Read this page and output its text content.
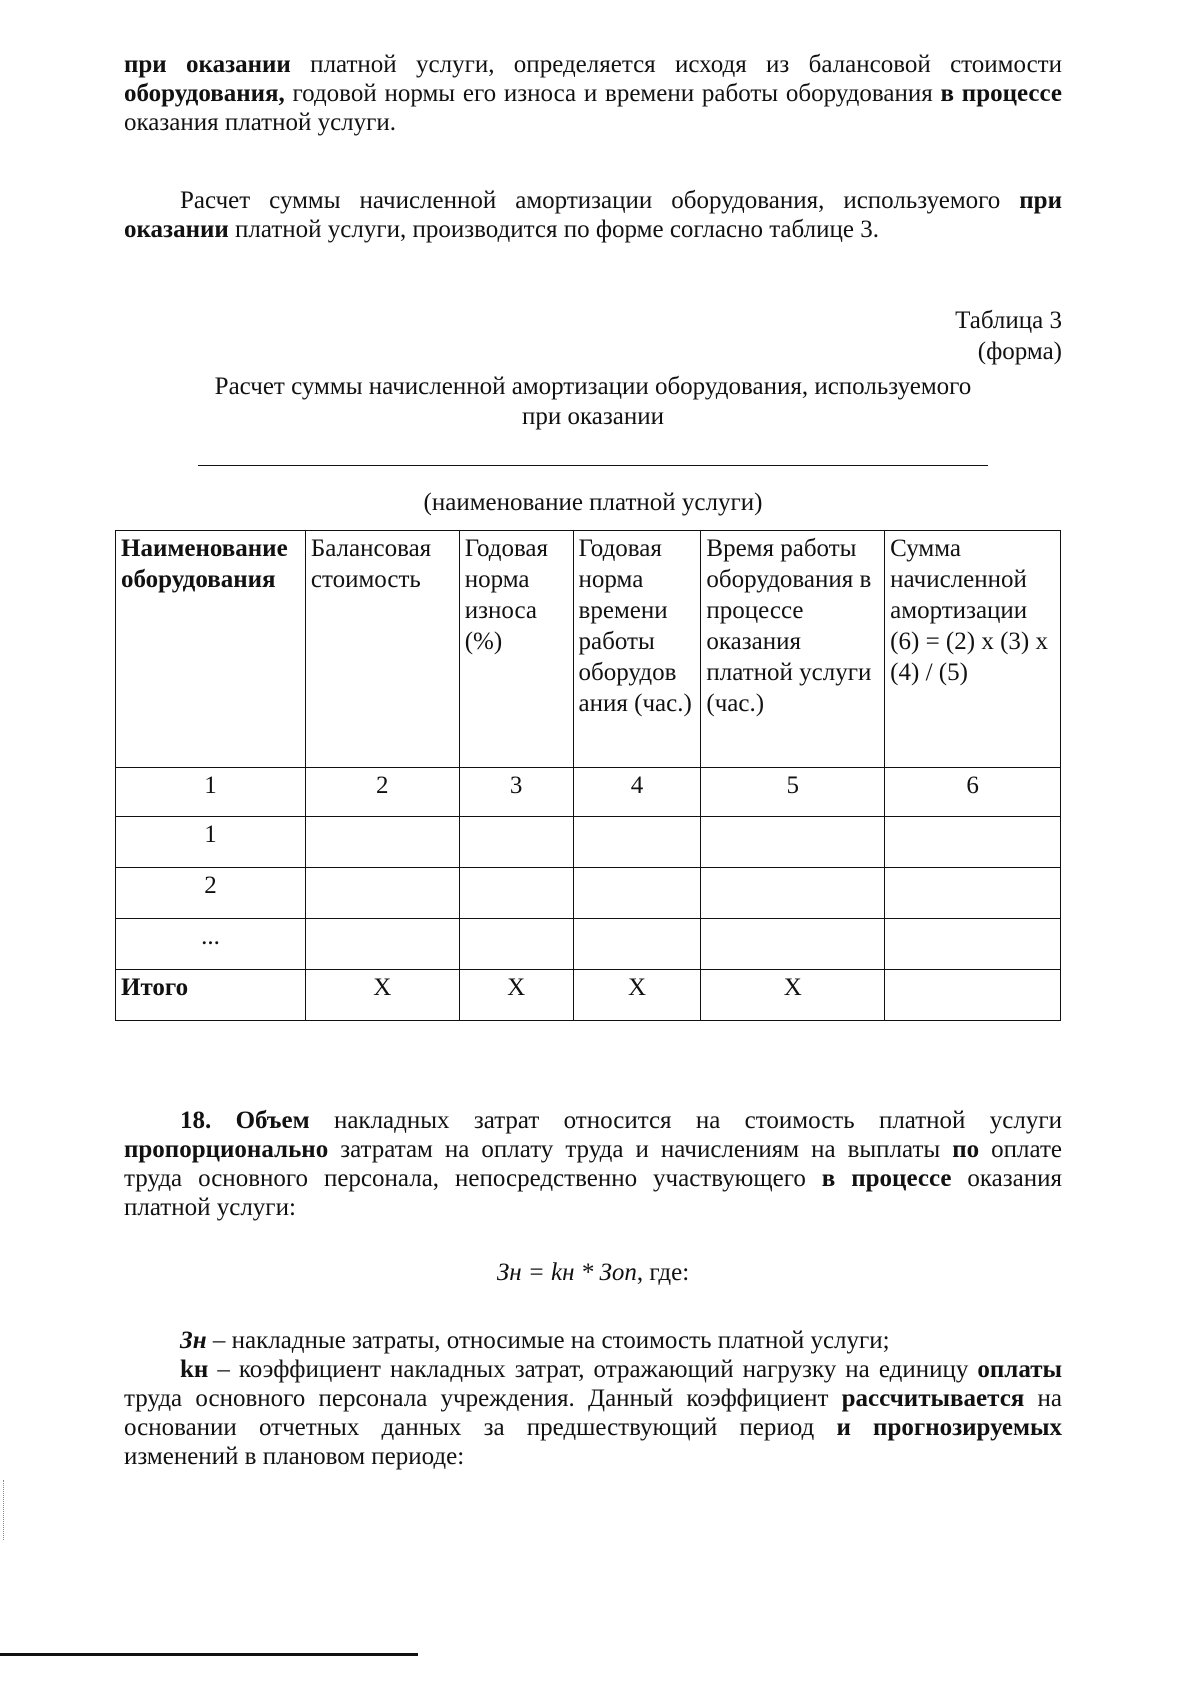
при оказании платной услуги, определяется исходя из балансовой стоимости оборудования, годовой нормы его износа и времени работы оборудования в процессе оказания платной услуги.

Расчет суммы начисленной амортизации оборудования, используемого при оказании платной услуги, производится по форме согласно таблице 3.

Таблица 3
(форма)

Расчет суммы начисленной амортизации оборудования, используемого
при оказании

(наименование платной услуги)
Наименование оборудования	Балансовая стоимость	Годовая норма износа (%)	Годовая норма времени работы оборудов ания (час.)	Время работы оборудования в процессе оказания платной услуги (час.)	Сумма начисленной амортизации (6) = (2) х (3) х (4) / (5)
1	2	3	4	5	6
1					
2					
...					
Итого	Х	Х	Х	Х	

18. Объем накладных затрат относится на стоимость платной услуги пропорционально затратам на оплату труда и начислениям на выплаты по оплате труда основного персонала, непосредственно участвующего в процессе оказания платной услуги:

Зн = kн * Зоп, где:

Зн – накладные затраты, относимые на стоимость платной услуги;

kн – коэффициент накладных затрат, отражающий нагрузку на единицу оплаты труда основного персонала учреждения. Данный коэффициент рассчитывается на основании отчетных данных за предшествующий период и прогнозируемых изменений в плановом периоде:
